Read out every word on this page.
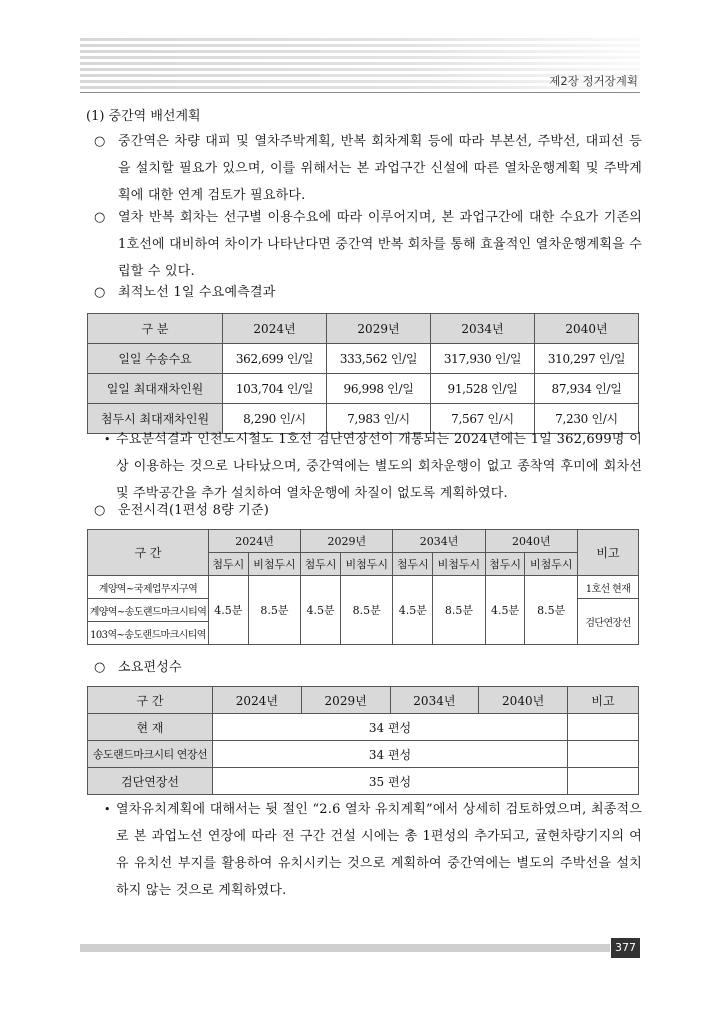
제2장 정거장계획
(1) 중간역 배선계획
○ 중간역은 차량 대피 및 열차주박계획, 반복 회차계획 등에 따라 부본선, 주박선, 대피선 등을 설치할 필요가 있으며, 이를 위해서는 본 과업구간 신설에 따른 열차운행계획 및 주박계획에 대한 연계 검토가 필요하다.
○ 열차 반복 회차는 선구별 이용수요에 따라 이루어지며, 본 과업구간에 대한 수요가 기존의 1호선에 대비하여 차이가 나타난다면 중간역 반복 회차를 통해 효율적인 열차운행계획을 수립할 수 있다.
○ 최적노선 1일 수요예측결과
구 분	2024년	2029년	2034년	2040년
일일 수송수요	362,699 인/일	333,562 인/일	317,930 인/일	310,297 인/일
일일 최대재차인원	103,704 인/일	96,998 인/일	91,528 인/일	87,934 인/일
첨두시 최대재차인원	8,290 인/시	7,983 인/시	7,567 인/시	7,230 인/시
• 수요분석결과 인천도시철도 1호선 검단연장선이 개통되는 2024년에는 1일 362,699명 이상 이용하는 것으로 나타났으며, 중간역에는 별도의 회차운행이 없고 종착역 후미에 회차선 및 주박공간을 추가 설치하여 열차운행에 차질이 없도록 계획하였다.
○ 운전시격(1편성 8량 기준)
구 간	2024년		2029년		2034년		2040년		비고
	첨두시	비첨두시	첨두시	비첨두시	첨두시	비첨두시	첨두시	비첨두시	
계양역~국제업무지구역	4.5분	8.5분	4.5분	8.5분	4.5분	8.5분	4.5분	8.5분	1호선 현재
계양역~송도랜드마크시티역									검단연장선
103역~송도랜드마크시티역									
○ 소요편성수
구 간	2024년	2029년	2034년	2040년	비고
현 재	34 편성				
송도랜드마크시티 연장선	34 편성				
검단연장선	35 편성				
• 열차유치계획에 대해서는 뒷 절인 “2.6 열차 유치계획”에서 상세히 검토하였으며, 최종적으로 본 과업노선 연장에 따라 전 구간 건설 시에는 총 1편성의 추가되고, 귤현차량기지의 여유 유치선 부지를 활용하여 유치시키는 것으로 계획하여 중간역에는 별도의 주박선을 설치하지 않는 것으로 계획하였다.
377
